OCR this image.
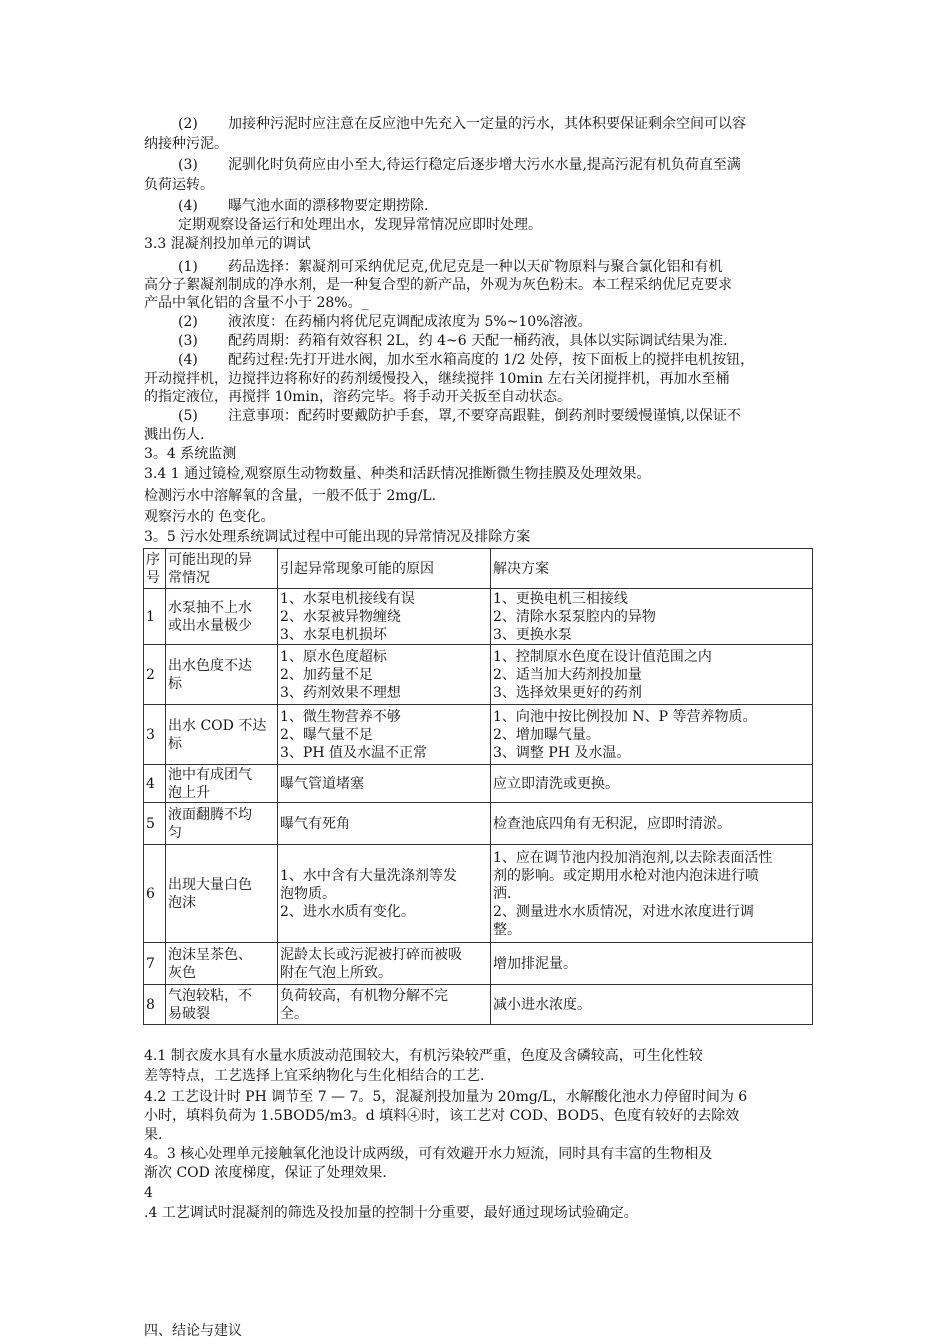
(2) 加接种污泥时应注意在反应池中先充入一定量的污水，其体积要保证剩余空间可以容
纳接种污泥。
(3) 泥驯化时负荷应由小至大,待运行稳定后逐步增大污水水量,提高污泥有机负荷直至满
负荷运转。
(4) 曝气池水面的漂移物要定期捞除.
定期观察设备运行和处理出水，发现异常情况应即时处理。
3.3 混凝剂投加单元的调试
(1) 药品选择：絮凝剂可采纳优尼克,优尼克是一种以天矿物原料与聚合氯化铝和有机
高分子絮凝剂制成的净水剂，是一种复合型的新产品，外观为灰色粉末。本工程采纳优尼克要求
产品中氧化铝的含量不小于 28%。_
(2) 液浓度：在药桶内将优尼克调配成浓度为 5%~10%溶液。
(3) 配药周期：药箱有效容积 2L，约 4~6 天配一桶药液，具体以实际调试结果为准.
(4) 配药过程:先打开进水阀，加水至水箱高度的 1/2 处停，按下面板上的搅拌电机按钮，
开动搅拌机，边搅拌边将称好的药剂缓慢投入，继续搅拌 10min 左右关闭搅拌机，再加水至桶
的指定液位，再搅拌 10min，溶药完毕。将手动开关扳至自动状态。
(5) 注意事项：配药时要戴防护手套，罩,不要穿高跟鞋，倒药剂时要缓慢谨慎,以保证不
溅出伤人.
3。4 系统监测
3.4 1 通过镜检,观察原生动物数量、种类和活跃情况推断微生物挂膜及处理效果。
检测污水中溶解氧的含量，一般不低于 2mg/L.
观察污水的 色变化。
3。5 污水处理系统调试过程中可能出现的异常情况及排除方案
序
号	可能出现的异
常情况	引起异常现象可能的原因	解决方案
1	水泵抽不上水
或出水量极少	1、水泵电机接线有误
2、水泵被异物缠绕
3、水泵电机损坏	1、更换电机三相接线
2、清除水泵泵腔内的异物
3、更换水泵

2	出水色度不达
标	1、原水色度超标
2、加药量不足
3、药剂效果不理想	1、控制原水色度在设计值范围之内
2、适当加大药剂投加量
3、选择效果更好的药剂

3	出水 COD 不达
标	1、微生物营养不够
2、曝气量不足
3、PH 值及水温不正常	1、向池中按比例投加 N、P 等营养物质。
2、增加曝气量。
3、调整 PH 及水温。

4	池中有成团气
泡上升	曝气管道堵塞	应立即清洗或更换。

5	液面翻腾不均
匀	曝气有死角	检查池底四角有无积泥，应即时清淤。

6	出现大量白色
泡沫	1、水中含有大量洗涤剂等发
泡物质。
2、进水水质有变化。	1、应在调节池内投加消泡剂,以去除表面活性
剂的影响。或定期用水枪对池内泡沫进行喷
洒.
2、测量进水水质情况，对进水浓度进行调
整。

7	泡沫呈茶色、
灰色	泥龄太长或污泥被打碎而被吸
附在气泡上所致。	增加排泥量。

8	气泡较粘，不
易破裂	负荷较高，有机物分解不完
全。	减小进水浓度。
4.1 制衣废水具有水量水质波动范围较大，有机污染较严重，色度及含磷较高，可生化性较
差等特点，工艺选择上宜采纳物化与生化相结合的工艺.
4.2 工艺设计时 PH 调节至 7 — 7。5，混凝剂投加量为 20mg/L，水解酸化池水力停留时间为 6
小时，填料负荷为 1.5BOD5/m3。d 填料④时，该工艺对 COD、BOD5、色度有较好的去除效
果.
4。3 核心处理单元接触氧化池设计成两级，可有效避开水力短流，同时具有丰富的生物相及
渐次 COD 浓度梯度，保证了处理效果.
4
.4 工艺调试时混凝剂的筛选及投加量的控制十分重要，最好通过现场试验确定。
四、结论与建议
